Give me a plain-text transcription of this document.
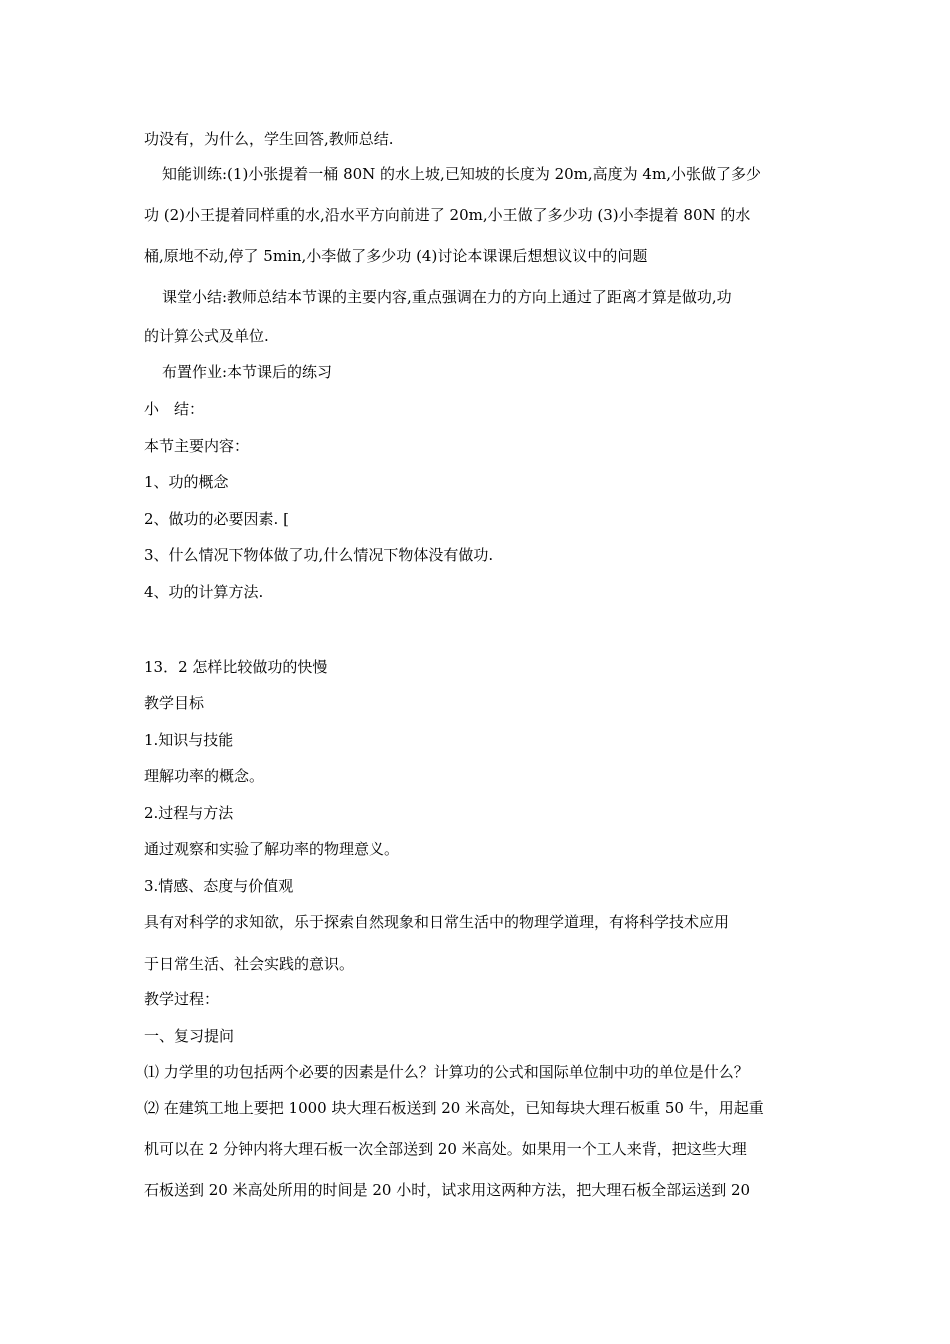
功没有，为什么，学生回答,教师总结.
知能训练:(1)小张提着一桶 80N 的水上坡,已知坡的长度为 20m,高度为 4m,小张做了多少
功 (2)小王提着同样重的水,沿水平方向前进了 20m,小王做了多少功 (3)小李提着 80N 的水
桶,原地不动,停了 5min,小李做了多少功 (4)讨论本课课后想想议议中的问题
课堂小结:教师总结本节课的主要内容,重点强调在力的方向上通过了距离才算是做功,功
的计算公式及单位.
布置作业:本节课后的练习
小　结：
本节主要内容：
1、功的概念
2、做功的必要因素. [
3、什么情况下物体做了功,什么情况下物体没有做功.
4、功的计算方法.
13．2 怎样比较做功的快慢
教学目标
1.知识与技能
理解功率的概念。
2.过程与方法
通过观察和实验了解功率的物理意义。
3.情感、态度与价值观
具有对科学的求知欲，乐于探索自然现象和日常生活中的物理学道理，有将科学技术应用
于日常生活、社会实践的意识。
教学过程：
一、复习提问
⑴ 力学里的功包括两个必要的因素是什么？计算功的公式和国际单位制中功的单位是什么？
⑵ 在建筑工地上要把 1000 块大理石板送到 20 米高处，已知每块大理石板重 50 牛，用起重
机可以在 2 分钟内将大理石板一次全部送到 20 米高处。如果用一个工人来背，把这些大理
石板送到 20 米高处所用的时间是 20 小时，试求用这两种方法，把大理石板全部运送到 20
